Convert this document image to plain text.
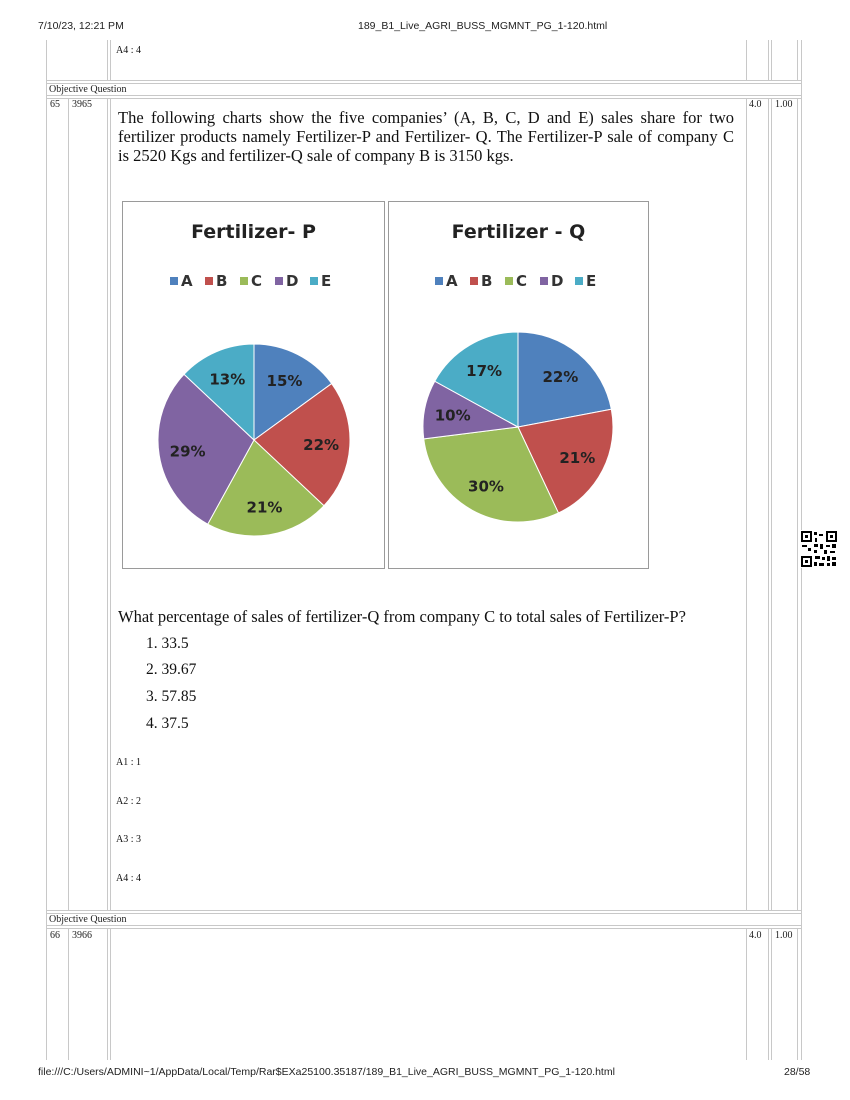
7/10/23, 12:21 PM	189_B1_Live_AGRI_BUSS_MGMNT_PG_1-120.html
A4 : 4
Objective Question
65 3965	4.0 1.00
The following charts show the five companies’ (A, B, C, D and E) sales share for two fertilizer products namely Fertilizer-P and Fertilizer- Q. The Fertilizer-P sale of company C is 2520 Kgs and fertilizer-Q sale of company B is 3150 kgs.
Fertilizer- P
A B C D E
15%
22%
21%
29%
13%
Fertilizer - Q
A B C D E
22%
21%
30%
10%
17%
What percentage of sales of fertilizer-Q from company C to total sales of Fertilizer-P?
1. 33.5
2. 39.67
3. 57.85
4. 37.5
A1 : 1
A2 : 2
A3 : 3
A4 : 4
Objective Question
66 3966	4.0 1.00
file:///C:/Users/ADMINI~1/AppData/Local/Temp/Rar$EXa25100.35187/189_B1_Live_AGRI_BUSS_MGMNT_PG_1-120.html	28/58
